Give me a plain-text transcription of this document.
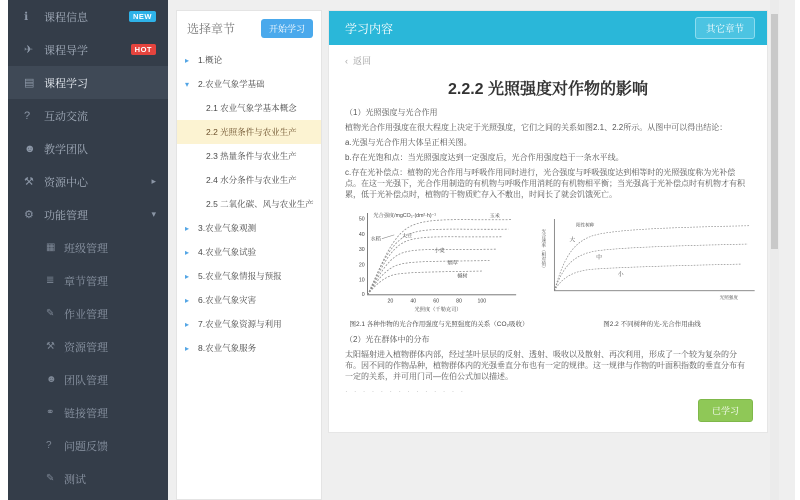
ℹ	课程信息	NEW
✈ 课程导学	HOT
▤ 课程学习
?	互动交流
☻ 教学团队
⚒ 资源中心	▸
⚙ 功能管理	▾
▦ 班级管理
≣ 章节管理
✎ 作业管理
⚒ 资源管理
☻ 团队管理
⚭ 链接管理
?	问题反馈
✎ 测试
选择章节	开始学习
▸	1.概论
▾	2.农业气象学基础
2.1 农业气象学基本概念
2.2 光照条件与农业生产
2.3 热量条件与农业生产
2.4 水分条件与农业生产
2.5 二氧化碳、风与农业生产
▸	3.农业气象观测
▸	4.农业气象试验
▸	5.农业气象情报与预报
▸	6.农业气象灾害
▸	7.农业气象资源与利用
▸	8.农业气象服务
学习内容	其它章节
‹ 返回
2.2.2 光照强度对作物的影响

（1）光照强度与光合作用

植物光合作用强度在很大程度上决定于光照强度，它们之间的关系如图2.1、2.2所示。从图中可以得出结论：

a.光强与光合作用大体呈正相关图。

b.存在光饱和点：当光照强度达到一定强度后，光合作用强度趋于一条水平线。

c.存在光补偿点：植物的光合作用与呼吸作用同时进行，光合强度与呼吸强度达到相等时的光照强度称为光补偿点。在这一光强下，光合作用制造的有机物与呼吸作用消耗的有机物相平衡；当光强高于光补偿点时有机物才有积累，低于光补偿点时，植物的干物质贮存入不敷出，时间长了就会饥饿死亡。

50
40
30
20
10
0
光合强度/mgCO₂·(dm²·h)⁻¹	玉米
水稻	大豆
小麦
烟草
槭树
20	40	60	80	100
光照度（千勒克司）
图2.1 各种作物的光合作用强度与光照强度的关系（CO₂吸收）
光合速率（相对值）
阳性树种
大
中
小
光照强度
图2.2 不同树种的光-光合作用曲线

（2）光在群体中的分布

太阳辐射进入植物群体内部，经过茎叶层层的反射、透射、吸收以及散射、再次利用，形成了一个较为复杂的分布。因不同的作物品种，植物群体内的光强垂直分布也有一定的规律。这一规律与作物的叶面积指数的垂直分布有一定的关系，并可用门司—佐伯公式加以描述。

· · · · · · · · · · · · · ·

已学习
